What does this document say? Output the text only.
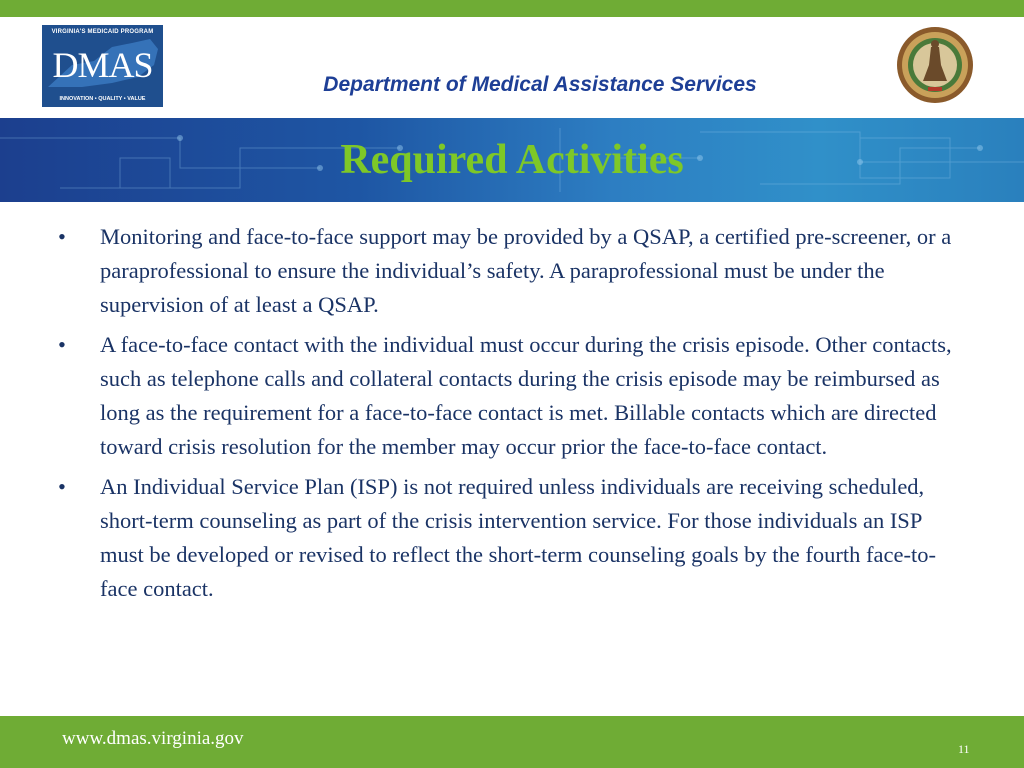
VIRGINIA'S MEDICAID PROGRAM
DMAS
INNOVATION • QUALITY • VALUE
Department of Medical Assistance Services
Required Activities
• Monitoring and face-to-face support may be provided by a QSAP, a certified pre-screener, or a paraprofessional to ensure the individual’s safety. A paraprofessional must be under the supervision of at least a QSAP.
• A face-to-face contact with the individual must occur during the crisis episode. Other contacts, such as telephone calls and collateral contacts during the crisis episode may be reimbursed as long as the requirement for a face-to-face contact is met. Billable contacts which are directed toward crisis resolution for the member may occur prior the face-to-face contact.
• An Individual Service Plan (ISP) is not required unless individuals are receiving scheduled, short-term counseling as part of the crisis intervention service. For those individuals an ISP must be developed or revised to reflect the short-term counseling goals by the fourth face-to-face contact.
www.dmas.virginia.gov	11
